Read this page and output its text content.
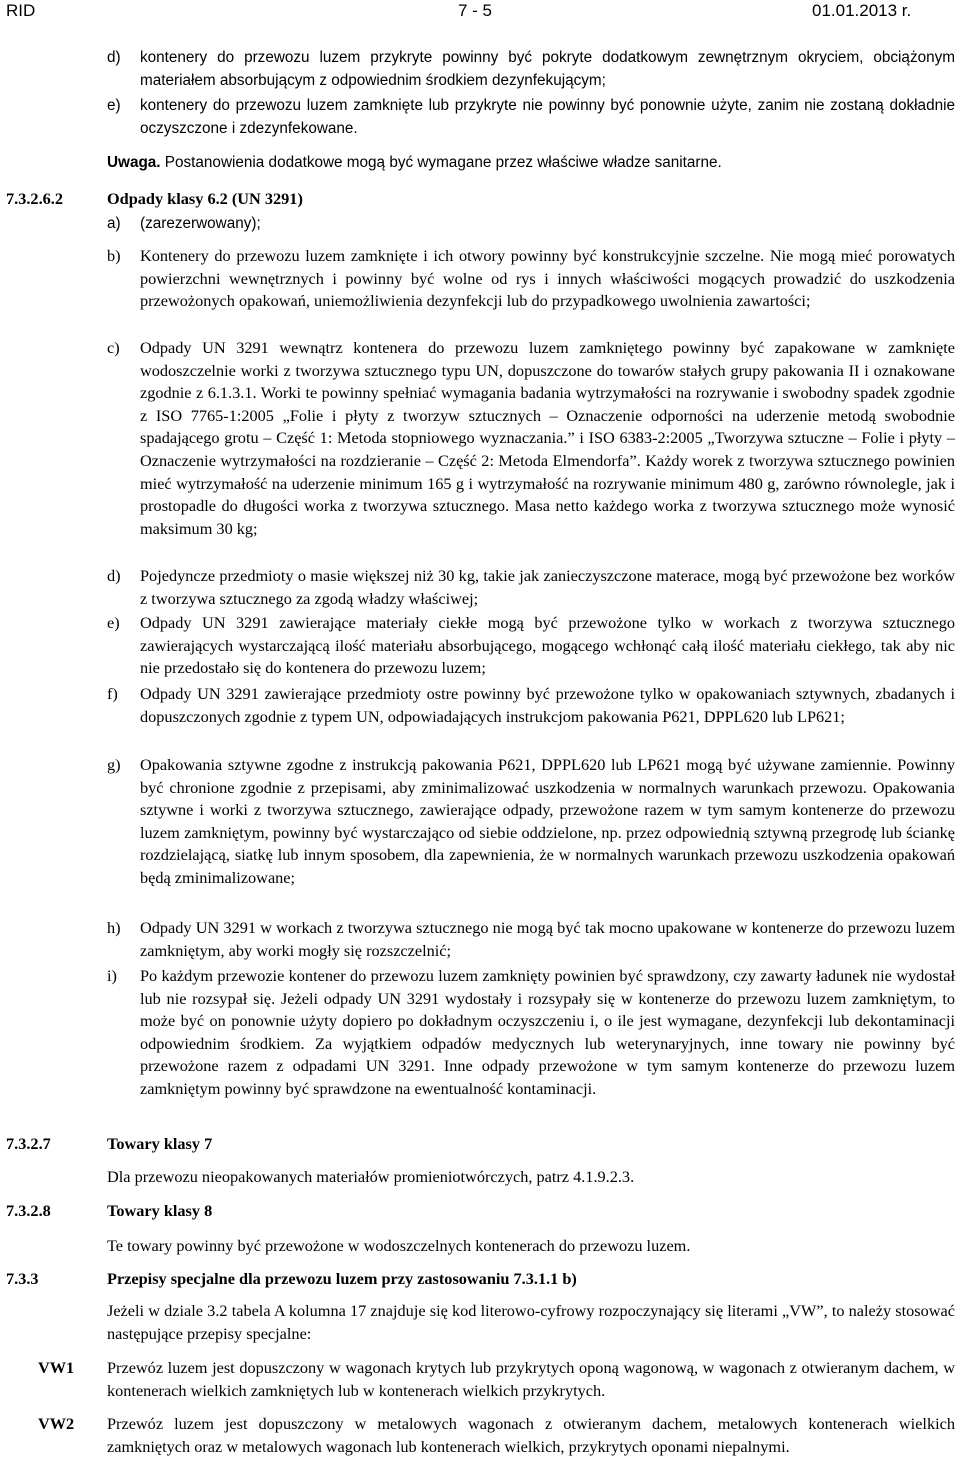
RID	7 - 5	01.01.2013 r.
d) kontenery do przewozu luzem przykryte powinny być pokryte dodatkowym zewnętrznym okryciem, obciążonym materiałem absorbującym z odpowiednim środkiem dezynfekującym;
e) kontenery do przewozu luzem zamknięte lub przykryte nie powinny być ponownie użyte, zanim nie zostaną dokładnie oczyszczone i zdezynfekowane.
Uwaga. Postanowienia dodatkowe mogą być wymagane przez właściwe władze sanitarne.
7.3.2.6.2	Odpady klasy 6.2 (UN 3291)
a) (zarezerwowany);
b) Kontenery do przewozu luzem zamknięte i ich otwory powinny być konstrukcyjnie szczelne. Nie mogą mieć porowatych powierzchni wewnętrznych i powinny być wolne od rys i innych właściwości mogących prowadzić do uszkodzenia przewożonych opakowań, uniemożliwienia dezynfekcji lub do przypadkowego uwolnienia zawartości;
c) Odpady UN 3291 wewnątrz kontenera do przewozu luzem zamkniętego powinny być zapakowane w zamknięte wodoszczelnie worki z tworzywa sztucznego typu UN, dopuszczone do towarów stałych grupy pakowania II i oznakowane zgodnie z 6.1.3.1. Worki te powinny spełniać wymagania badania wytrzymałości na rozrywanie i swobodny spadek zgodnie z ISO 7765-1:2005 „Folie i płyty z tworzyw sztucznych – Oznaczenie odporności na uderzenie metodą swobodnie spadającego grotu – Część 1: Metoda stopniowego wyznaczania.” i ISO 6383-2:2005 „Tworzywa sztuczne – Folie i płyty – Oznaczenie wytrzymałości na rozdzieranie – Część 2: Metoda Elmendorfa”. Każdy worek z tworzywa sztucznego powinien mieć wytrzymałość na uderzenie minimum 165 g i wytrzymałość na rozrywanie minimum 480 g, zarówno równolegle, jak i prostopadle do długości worka z tworzywa sztucznego. Masa netto każdego worka z tworzywa sztucznego może wynosić maksimum 30 kg;
d) Pojedyncze przedmioty o masie większej niż 30 kg, takie jak zanieczyszczone materace, mogą być przewożone bez worków z tworzywa sztucznego za zgodą władzy właściwej;
e) Odpady UN 3291 zawierające materiały ciekłe mogą być przewożone tylko w workach z tworzywa sztucznego zawierających wystarczającą ilość materiału absorbującego, mogącego wchłonąć całą ilość materiału ciekłego, tak aby nic nie przedostało się do kontenera do przewozu luzem;
f) Odpady UN 3291 zawierające przedmioty ostre powinny być przewożone tylko w opakowaniach sztywnych, zbadanych i dopuszczonych zgodnie z typem UN, odpowiadających instrukcjom pakowania P621, DPPL620 lub LP621;
g) Opakowania sztywne zgodne z instrukcją pakowania P621, DPPL620 lub LP621 mogą być używane zamiennie. Powinny być chronione zgodnie z przepisami, aby zminimalizować uszkodzenia w normalnych warunkach przewozu. Opakowania sztywne i worki z tworzywa sztucznego, zawierające odpady, przewożone razem w tym samym kontenerze do przewozu luzem zamkniętym, powinny być wystarczająco od siebie oddzielone, np. przez odpowiednią sztywną przegrodę lub ściankę rozdzielającą, siatkę lub innym sposobem, dla zapewnienia, że w normalnych warunkach przewozu uszkodzenia opakowań będą zminimalizowane;
h) Odpady UN 3291 w workach z tworzywa sztucznego nie mogą być tak mocno upakowane w kontenerze do przewozu luzem zamkniętym, aby worki mogły się rozszczelnić;
i) Po każdym przewozie kontener do przewozu luzem zamknięty powinien być sprawdzony, czy zawarty ładunek nie wydostał lub nie rozsypał się. Jeżeli odpady UN 3291 wydostały i rozsypały się w kontenerze do przewozu luzem zamkniętym, to może być on ponownie użyty dopiero po dokładnym oczyszczeniu i, o ile jest wymagane, dezynfekcji lub dekontaminacji odpowiednim środkiem. Za wyjątkiem odpadów medycznych lub weterynaryjnych, inne towary nie powinny być przewożone razem z odpadami UN 3291. Inne odpady przewożone w tym samym kontenerze do przewozu luzem zamkniętym powinny być sprawdzone na ewentualność kontaminacji.
7.3.2.7	Towary klasy 7
Dla przewozu nieopakowanych materiałów promieniotwórczych, patrz 4.1.9.2.3.
7.3.2.8	Towary klasy 8
Te towary powinny być przewożone w wodoszczelnych kontenerach do przewozu luzem.
7.3.3	Przepisy specjalne dla przewozu luzem przy zastosowaniu 7.3.1.1 b)
Jeżeli w dziale 3.2 tabela A kolumna 17 znajduje się kod literowo-cyfrowy rozpoczynający się literami „VW”, to należy stosować następujące przepisy specjalne:
VW1 Przewóz luzem jest dopuszczony w wagonach krytych lub przykrytych oponą wagonową, w wagonach z otwieranym dachem, w kontenerach wielkich zamkniętych lub w kontenerach wielkich przykrytych.
VW2 Przewóz luzem jest dopuszczony w metalowych wagonach z otwieranym dachem, metalowych kontenerach wielkich zamkniętych oraz w metalowych wagonach lub kontenerach wielkich, przykrytych oponami niepalnymi.
